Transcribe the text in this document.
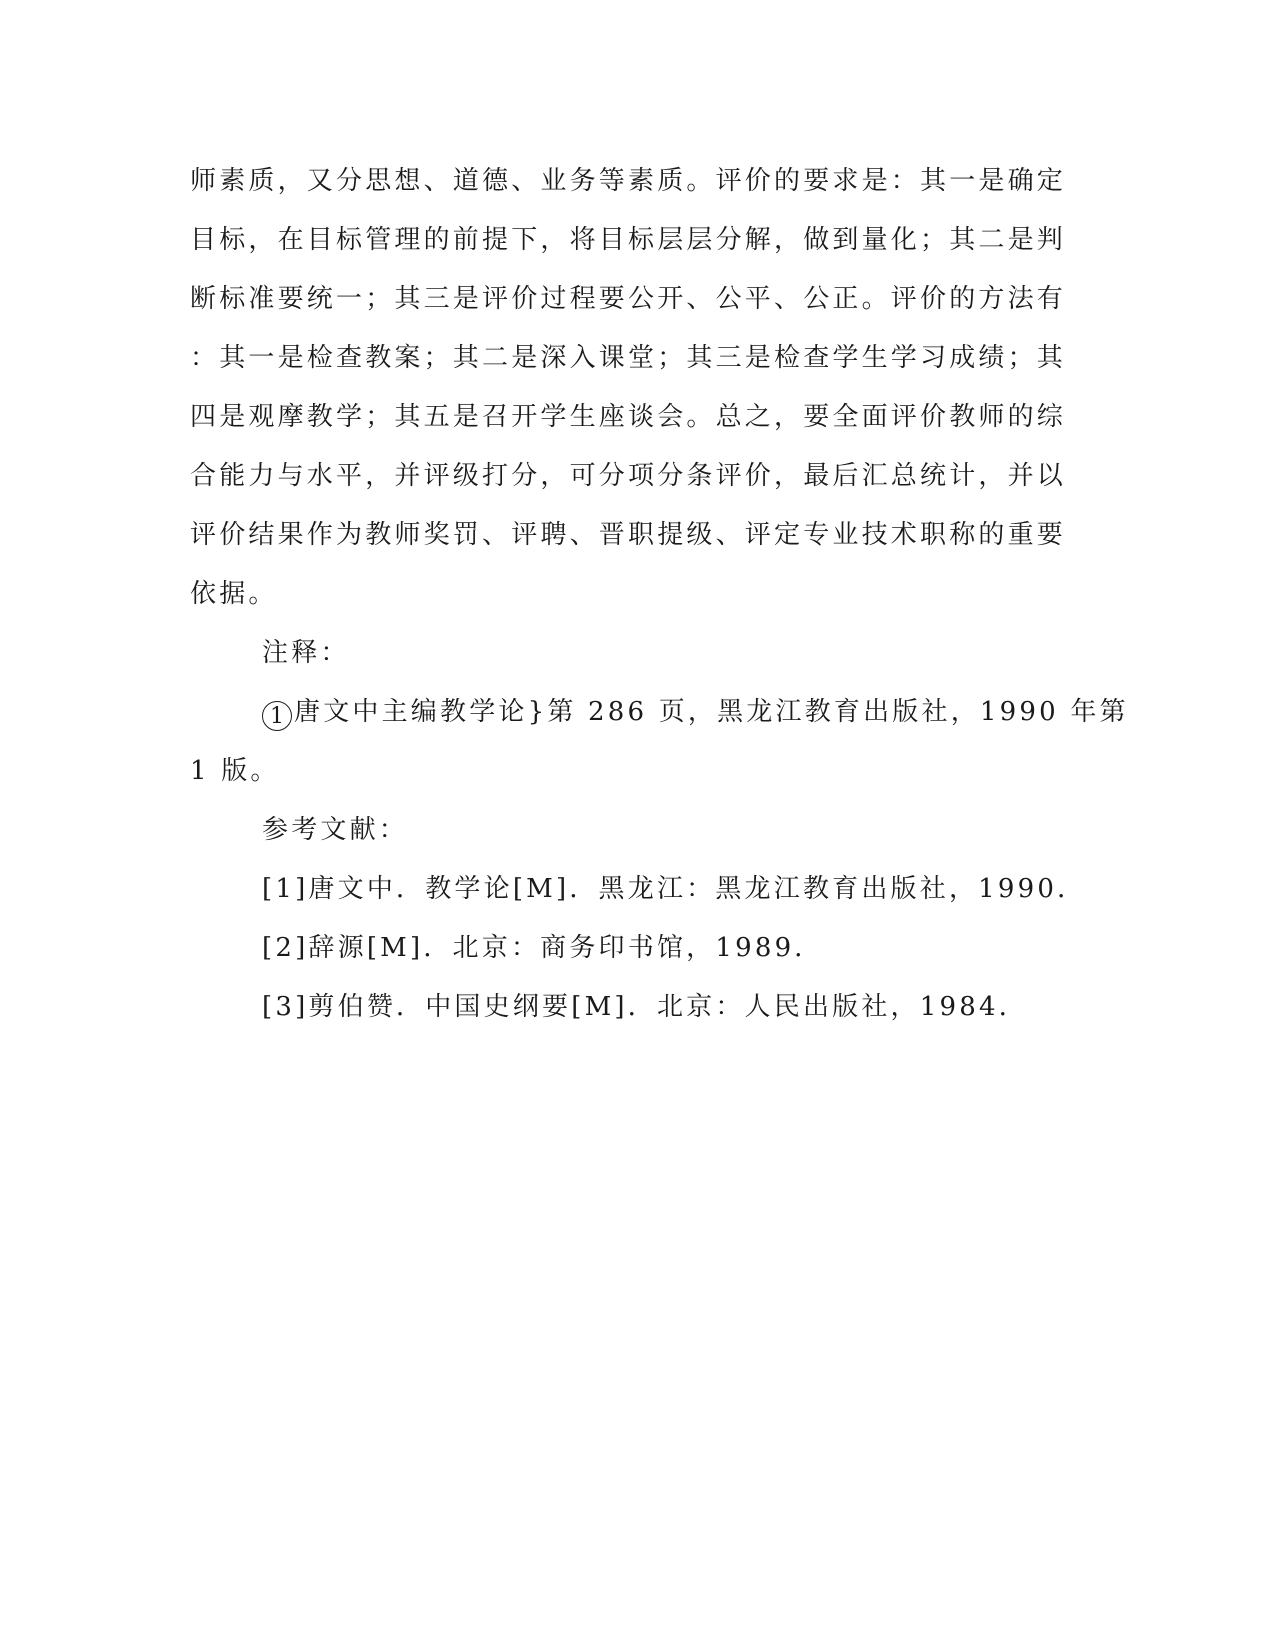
师素质，又分思想、道德、业务等素质。评价的要求是：其一是确定
目标，在目标管理的前提下，将目标层层分解，做到量化；其二是判
断标准要统一；其三是评价过程要公开、公平、公正。评价的方法有
：其一是检查教案；其二是深入课堂；其三是检查学生学习成绩；其
四是观摩教学；其五是召开学生座谈会。总之，要全面评价教师的综
合能力与水平，并评级打分，可分项分条评价，最后汇总统计，并以
评价结果作为教师奖罚、评聘、晋职提级、评定专业技术职称的重要
依据。
注释：
1 唐文中主编教学论}第 286 页，黑龙江教育出版社，1990 年第
1 版。
参考文献：
[1]唐文中．教学论[M]．黑龙江：黑龙江教育出版社，1990．
[2]辞源[M]．北京：商务印书馆，1989．
[3]剪伯赞．中国史纲要[M]．北京：人民出版社，1984．
